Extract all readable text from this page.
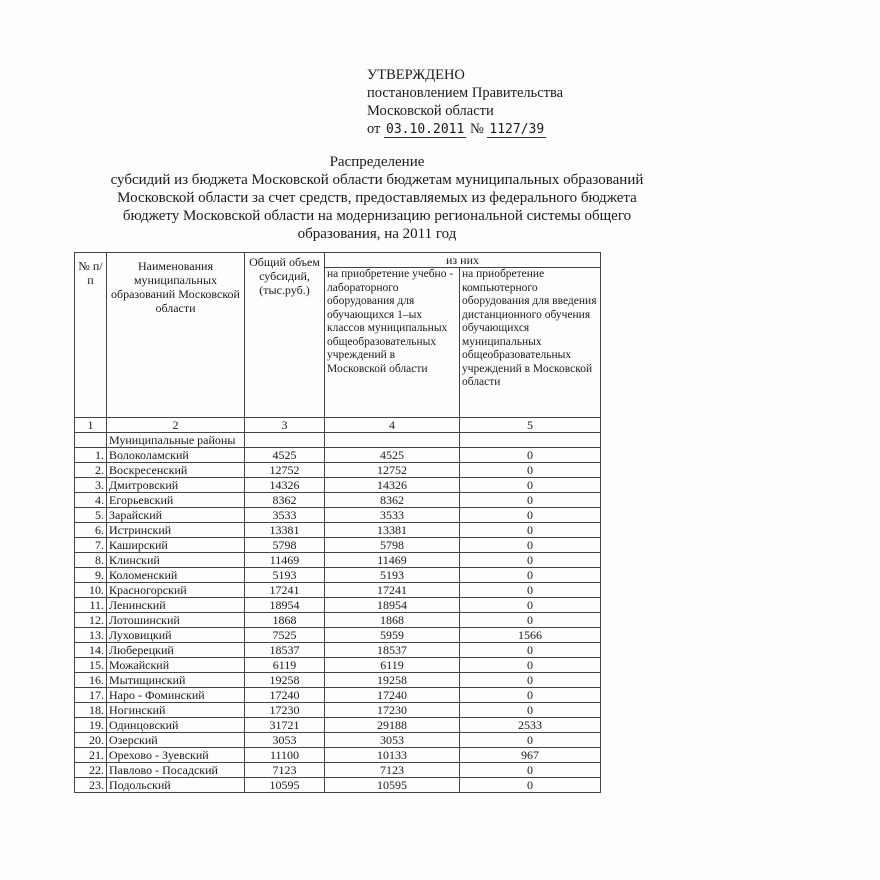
УТВЕРЖДЕНО
постановлением Правительства
Московской области
от 03.10.2011 № 1127/39
Распределение
субсидий из бюджета Московской области бюджетам муниципальных образований
Московской области за счет средств, предоставляемых из федерального бюджета
бюджету Московской области на модернизацию региональной системы общего
образования, на 2011 год
№ п/п	Наименования муниципальных образований Московской области	Общий объем субсидий, (тыс.руб.)	из них	
			на приобретение учебно - лабораторного оборудования для обучающихся 1–ых классов муниципальных общеобразовательных учреждений в Московской области	на приобретение компьютерного оборудования для введения дистанционного обучения обучающихся муниципальных общеобразовательных учреждений в Московской области
1	2	3	4	5
	Муниципальные районы			
1.	Волоколамский	4525	4525	0
2.	Воскресенский	12752	12752	0
3.	Дмитровский	14326	14326	0
4.	Егорьевский	8362	8362	0
5.	Зарайский	3533	3533	0
6.	Истринский	13381	13381	0
7.	Каширский	5798	5798	0
8.	Клинский	11469	11469	0
9.	Коломенский	5193	5193	0
10.	Красногорский	17241	17241	0
11.	Ленинский	18954	18954	0
12.	Лотошинский	1868	1868	0
13.	Луховицкий	7525	5959	1566
14.	Люберецкий	18537	18537	0
15.	Можайский	6119	6119	0
16.	Мытищинский	19258	19258	0
17.	Наро - Фоминский	17240	17240	0
18.	Ногинский	17230	17230	0
19.	Одинцовский	31721	29188	2533
20.	Озерский	3053	3053	0
21.	Орехово - Зуевский	11100	10133	967
22.	Павлово - Посадский	7123	7123	0
23.	Подольский	10595	10595	0
